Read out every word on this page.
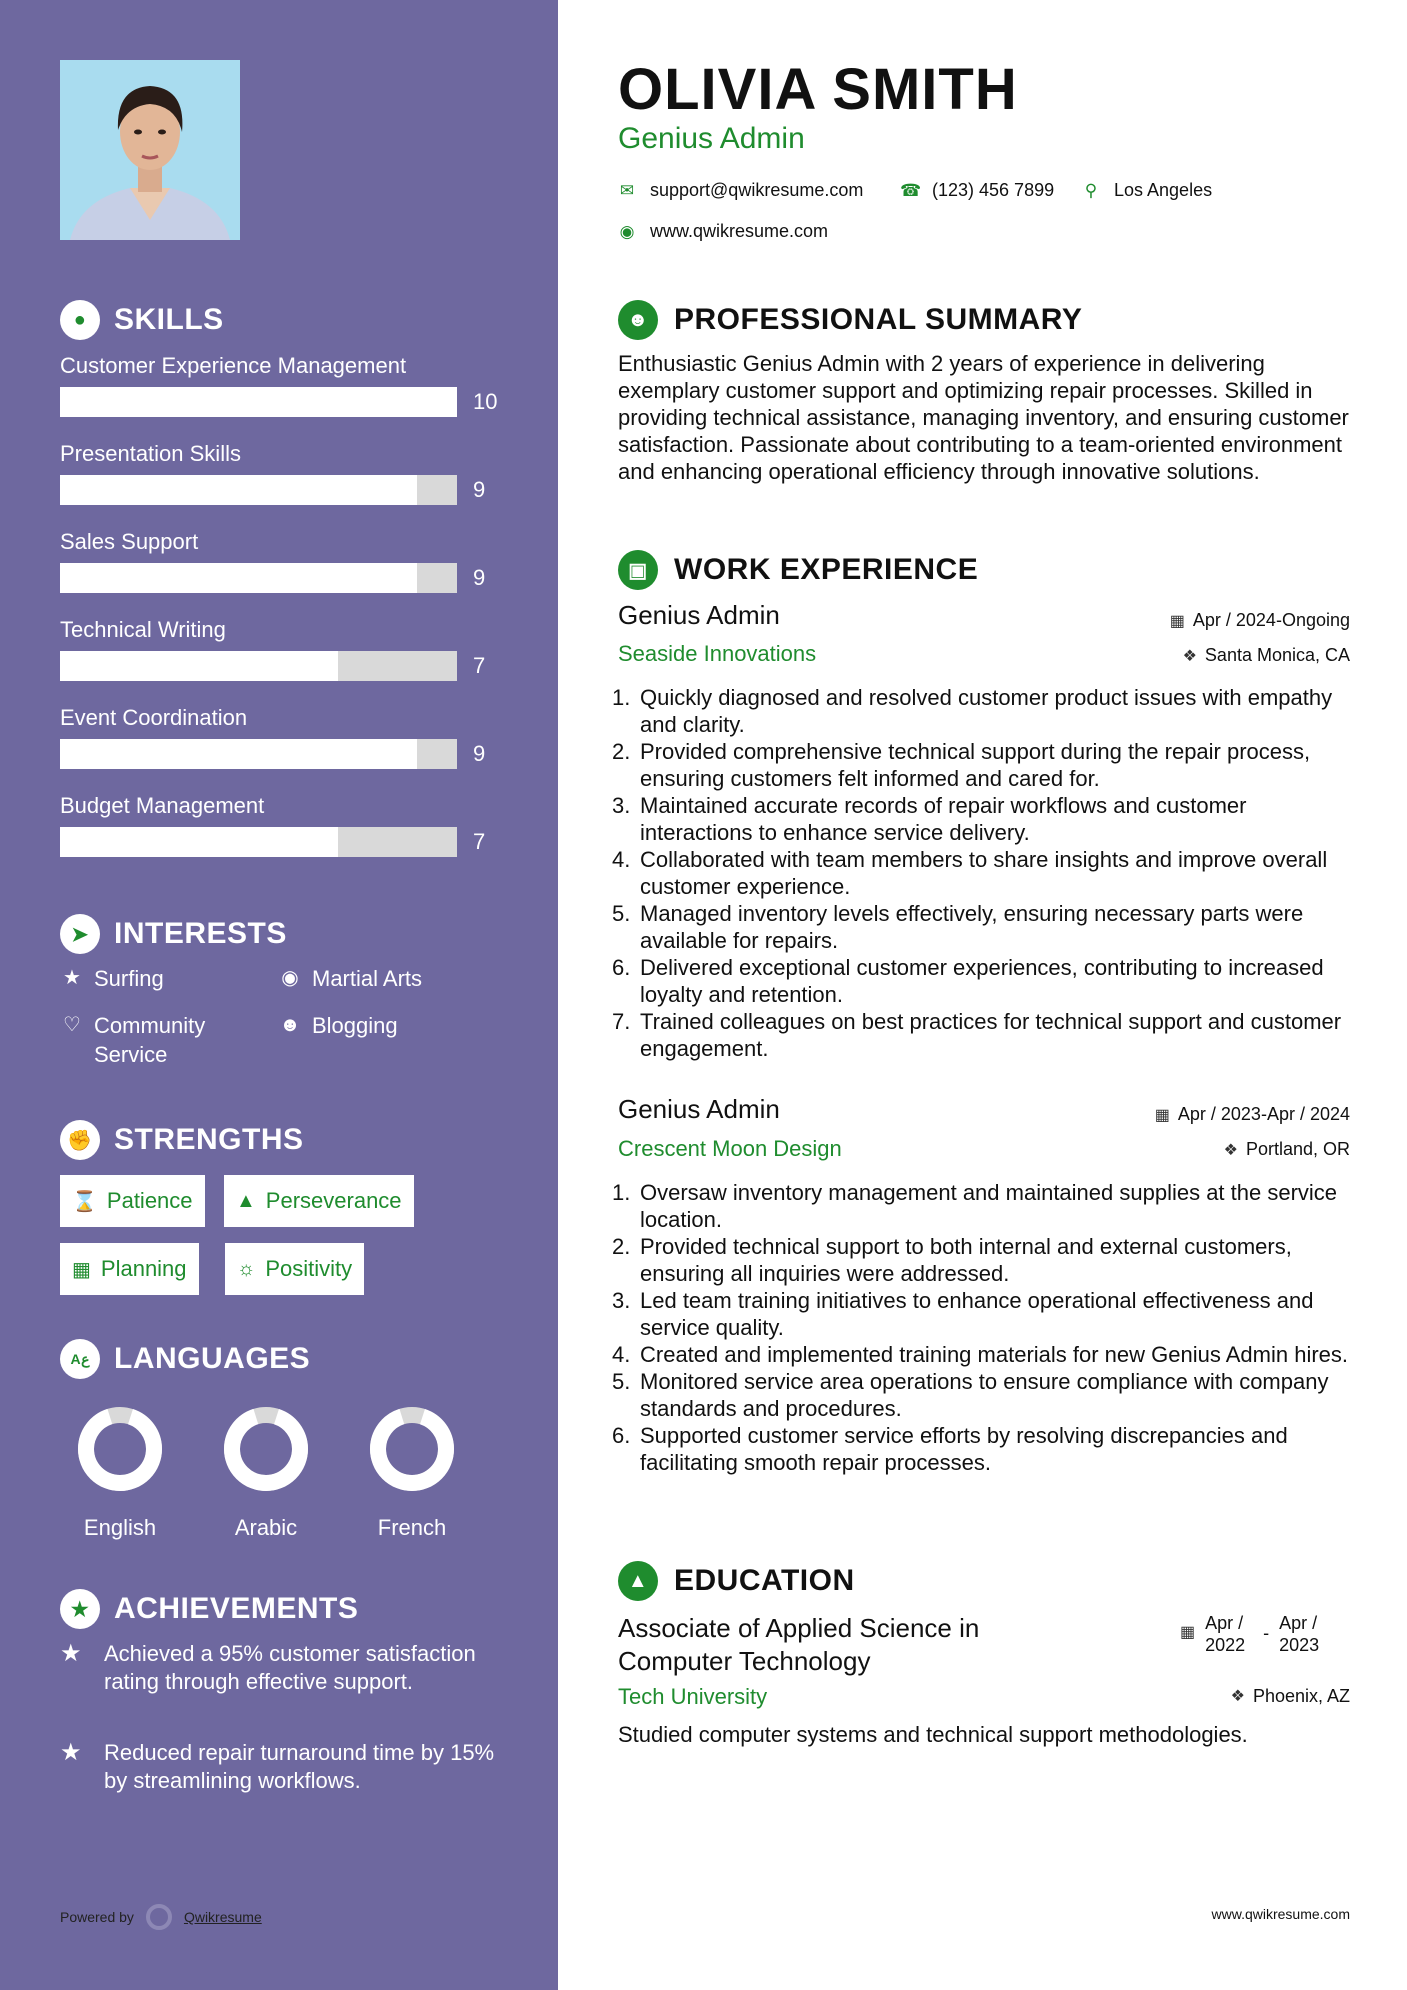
● SKILLS
Customer Experience Management
10
Presentation Skills
9
Sales Support
9
Technical Writing
7
Event Coordination
9
Budget Management
7
➤ INTERESTS
★ Surfing	◉ Martial Arts
♡ Community Service
☻ Blogging
✊ STRENGTHS
⌛ Patience ▲ Perseverance
▦ Planning	☼ Positivity
Aع LANGUAGES
English	Arabic	French
★ ACHIEVEMENTS
★	Achieved a 95% customer satisfaction rating through effective support.
★	Reduced repair turnaround time by 15% by streamlining workflows.
Powered by	Qwikresume
OLIVIA SMITH
Genius Admin
✉ support@qwikresume.com ☎ (123) 456 7899 ⚲ Los Angeles
◉ www.qwikresume.com
☻ PROFESSIONAL SUMMARY
Enthusiastic Genius Admin with 2 years of experience in delivering exemplary customer support and optimizing repair processes. Skilled in providing technical assistance, managing inventory, and ensuring customer satisfaction. Passionate about contributing to a team-oriented environment and enhancing operational efficiency through innovative solutions.
▣ WORK EXPERIENCE
Genius Admin	▦ Apr / 2024-Ongoing
Seaside Innovations	❖ Santa Monica, CA
1. Quickly diagnosed and resolved customer product issues with empathy and clarity.
2. Provided comprehensive technical support during the repair process, ensuring customers felt informed and cared for.
3. Maintained accurate records of repair workflows and customer interactions to enhance service delivery.
4. Collaborated with team members to share insights and improve overall customer experience.
5. Managed inventory levels effectively, ensuring necessary parts were available for repairs.
6. Delivered exceptional customer experiences, contributing to increased loyalty and retention.
7. Trained colleagues on best practices for technical support and customer engagement.
Genius Admin	▦ Apr / 2023-Apr / 2024
Crescent Moon Design	❖ Portland, OR
1. Oversaw inventory management and maintained supplies at the service location.
2. Provided technical support to both internal and external customers, ensuring all inquiries were addressed.
3. Led team training initiatives to enhance operational effectiveness and service quality.
4. Created and implemented training materials for new Genius Admin hires.
5. Monitored service area operations to ensure compliance with company standards and procedures.
6. Supported customer service efforts by resolving discrepancies and facilitating smooth repair processes.
▲ EDUCATION
Associate of Applied Science in Computer Technology
▦ Apr / 2022
- Apr / 2023
Tech University	❖ Phoenix, AZ
Studied computer systems and technical support methodologies.
www.qwikresume.com
